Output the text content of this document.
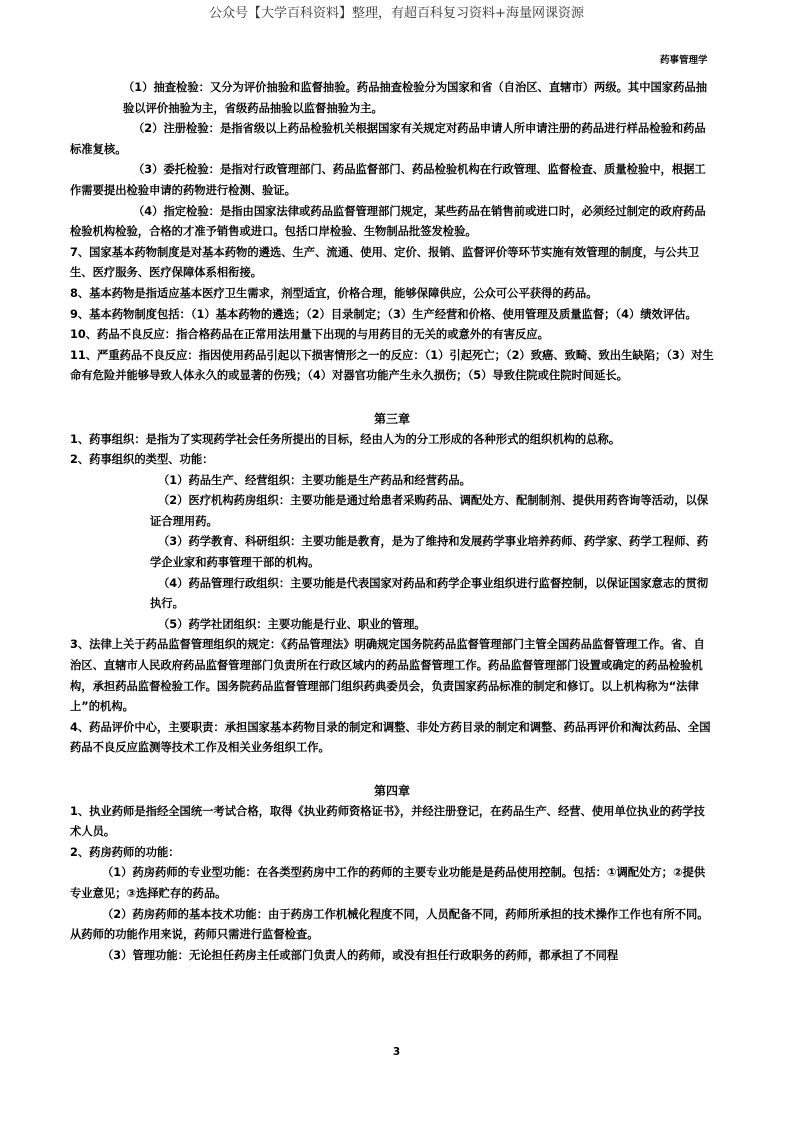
公众号【大学百科资料】整理，有超百科复习资料+海量网课资源
药事管理学

（1）抽查检验：又分为评价抽验和监督抽验。药品抽查检验分为国家和省（自治区、直辖市）两级。其中国家药品抽验以评价抽验为主，省级药品抽验以监督抽验为主。

（2）注册检验：是指省级以上药品检验机关根据国家有关规定对药品申请人所申请注册的药品进行样品检验和药品标准复核。

（3）委托检验：是指对行政管理部门、药品监督部门、药品检验机构在行政管理、监督检查、质量检验中，根据工作需要提出检验申请的药物进行检测、验证。

（4）指定检验：是指由国家法律或药品监督管理部门规定，某些药品在销售前或进口时，必须经过制定的政府药品检验机构检验，合格的才准予销售或进口。包括口岸检验、生物制品批签发检验。

7、国家基本药物制度是对基本药物的遴选、生产、流通、使用、定价、报销、监督评价等环节实施有效管理的制度，与公共卫生、医疗服务、医疗保障体系相衔接。

8、基本药物是指适应基本医疗卫生需求，剂型适宜，价格合理，能够保障供应，公众可公平获得的药品。

9、基本药物制度包括：（1）基本药物的遴选；（2）目录制定；（3）生产经营和价格、使用管理及质量监督；（4）绩效评估。

10、药品不良反应：指合格药品在正常用法用量下出现的与用药目的无关的或意外的有害反应。

11、严重药品不良反应：指因使用药品引起以下损害情形之一的反应：（1）引起死亡；（2）致癌、致畸、致出生缺陷；（3）对生命有危险并能够导致人体永久的或显著的伤残；（4）对器官功能产生永久损伤；（5）导致住院或住院时间延长。

第三章

1、药事组织：是指为了实现药学社会任务所提出的目标，经由人为的分工形成的各种形式的组织机构的总称。

2、药事组织的类型、功能：

（1）药品生产、经营组织：主要功能是生产药品和经营药品。

（2）医疗机构药房组织：主要功能是通过给患者采购药品、调配处方、配制制剂、提供用药咨询等活动，以保证合理用药。

（3）药学教育、科研组织：主要功能是教育，是为了维持和发展药学事业培养药师、药学家、药学工程师、药学企业家和药事管理干部的机构。

（4）药品管理行政组织：主要功能是代表国家对药品和药学企事业组织进行监督控制，以保证国家意志的贯彻执行。

（5）药学社团组织：主要功能是行业、职业的管理。

3、法律上关于药品监督管理组织的规定：《药品管理法》明确规定国务院药品监督管理部门主管全国药品监督管理工作。省、自治区、直辖市人民政府药品监督管理部门负责所在行政区域内的药品监督管理工作。药品监督管理部门设置或确定的药品检验机构，承担药品监督检验工作。国务院药品监督管理部门组织药典委员会，负责国家药品标准的制定和修订。以上机构称为“法律上”的机构。

4、药品评价中心，主要职责：承担国家基本药物目录的制定和调整、非处方药目录的制定和调整、药品再评价和淘汰药品、全国药品不良反应监测等技术工作及相关业务组织工作。

第四章

1、执业药师是指经全国统一考试合格，取得《执业药师资格证书》，并经注册登记，在药品生产、经营、使用单位执业的药学技术人员。

2、药房药师的功能：

（1）药房药师的专业型功能：在各类型药房中工作的药师的主要专业功能是是药品使用控制。包括：①调配处方；②提供专业意见；③选择贮存的药品。

（2）药房药师的基本技术功能：由于药房工作机械化程度不同，人员配备不同，药师所承担的技术操作工作也有所不同。从药师的功能作用来说，药师只需进行监督检查。

（3）管理功能：无论担任药房主任或部门负责人的药师，或没有担任行政职务的药师，都承担了不同程

3
